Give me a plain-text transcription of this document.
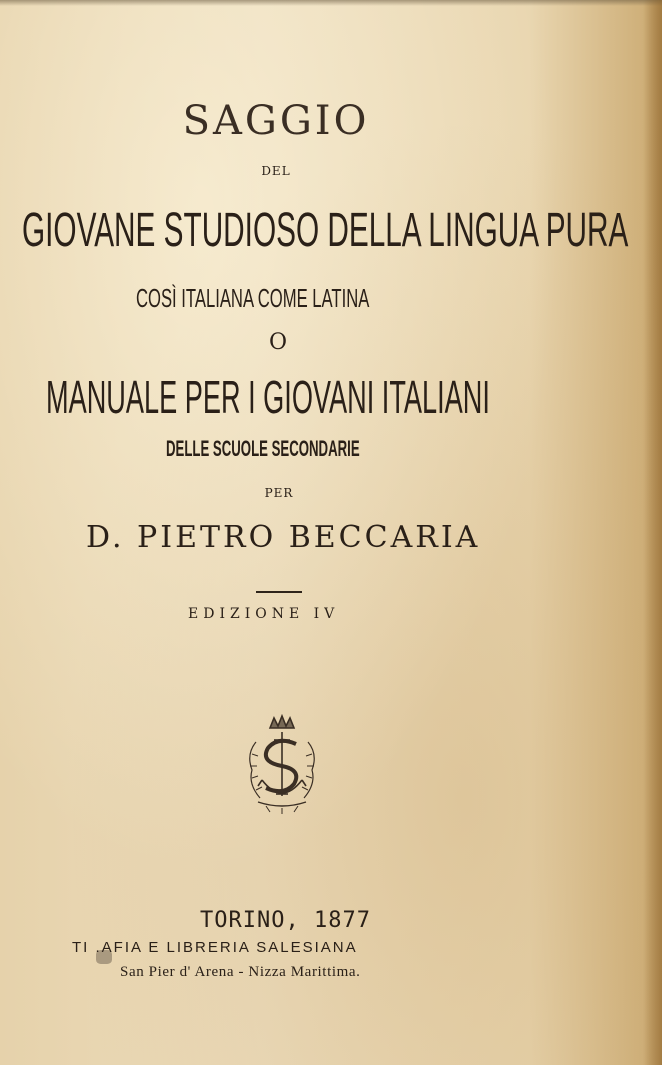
SAGGIO
DEL
GIOVANE STUDIOSO DELLA LINGUA PURA
COSÌ ITALIANA COME LATINA
O
MANUALE PER I GIOVANI ITALIANI
DELLE SCUOLE SECONDARIE
PER
D. PIETRO BECCARIA
EDIZIONE IV
TORINO, 1877
TI .AFIA E LIBRERIA SALESIANA
San Pier d' Arena - Nizza Marittima.
